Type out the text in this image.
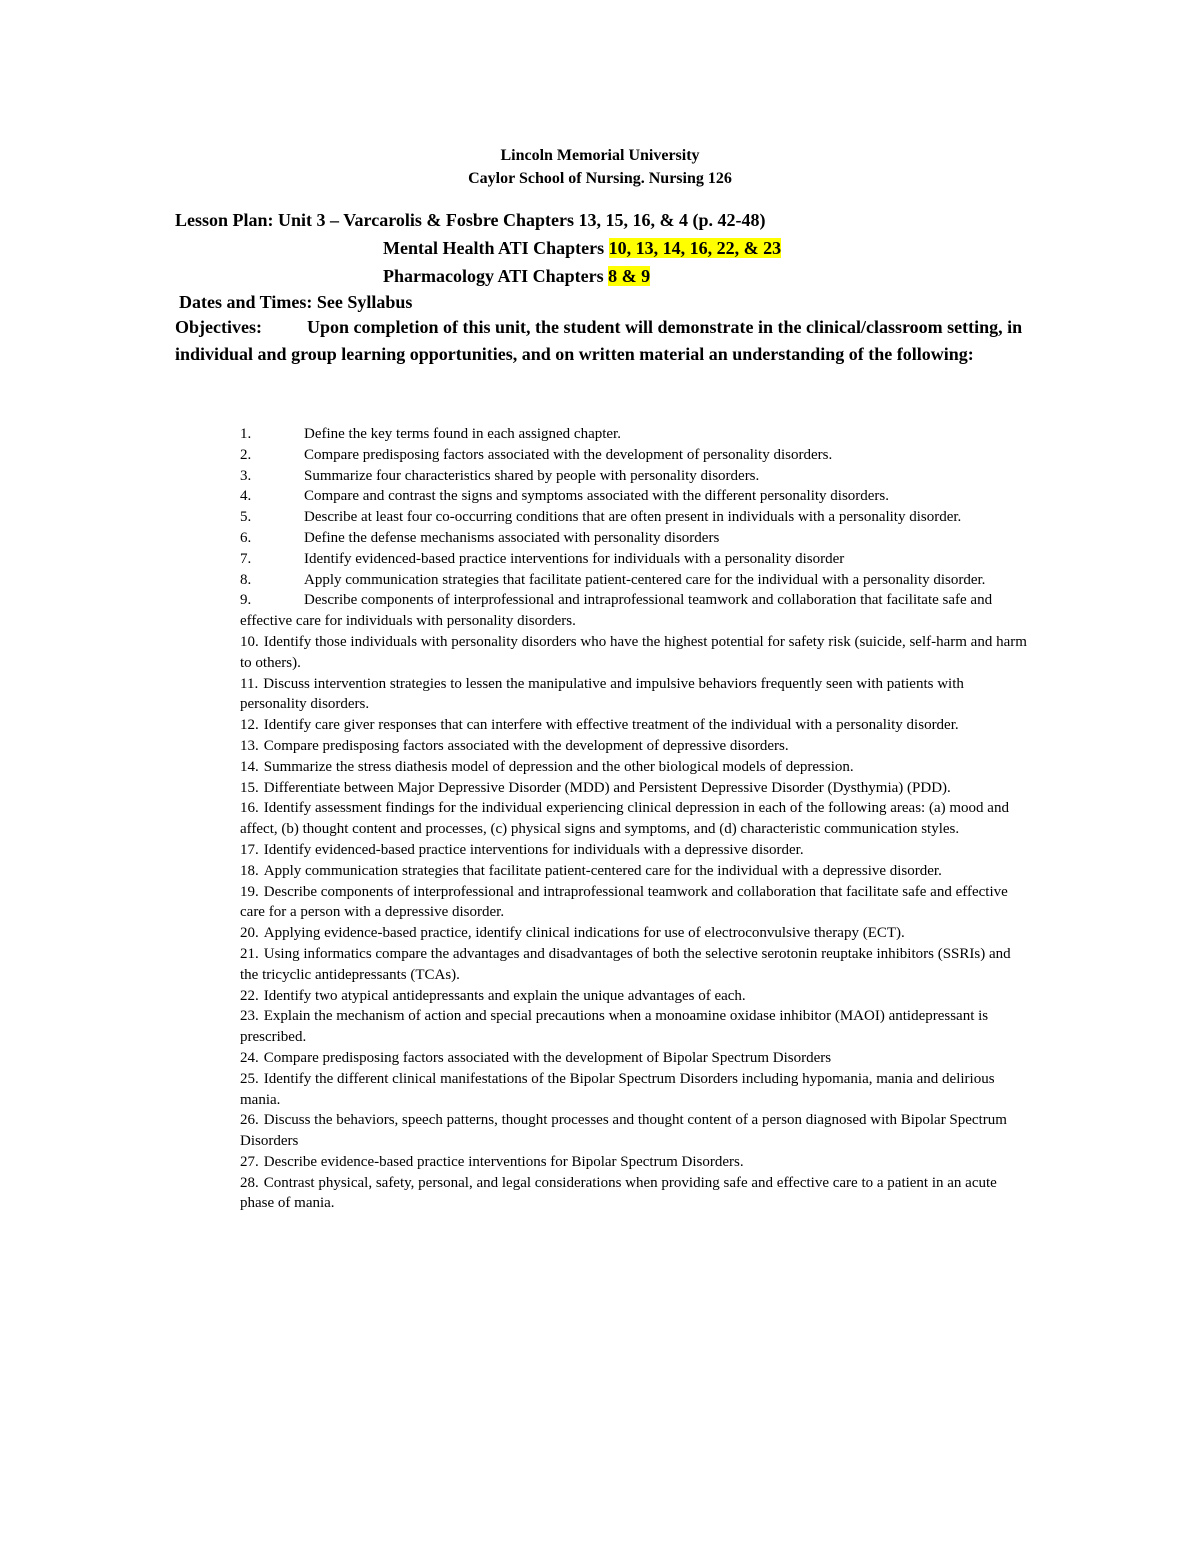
Lincoln Memorial University
Caylor School of Nursing. Nursing 126
Lesson Plan: Unit 3 – Varcarolis & Fosbre Chapters 13, 15, 16, & 4 (p. 42-48)
Mental Health ATI Chapters 10, 13, 14, 16, 22, & 23
Pharmacology ATI Chapters 8 & 9
Dates and Times: See Syllabus
Objectives:	Upon completion of this unit, the student will demonstrate in the clinical/classroom setting, in individual and group learning opportunities, and on written material an understanding of the following:
1.	Define the key terms found in each assigned chapter.
2.	Compare predisposing factors associated with the development of personality disorders.
3.	Summarize four characteristics shared by people with personality disorders.
4.	Compare and contrast the signs and symptoms associated with the different personality disorders.
5.	Describe at least four co-occurring conditions that are often present in individuals with a personality disorder.
6.	Define the defense mechanisms associated with personality disorders
7.	Identify evidenced-based practice interventions for individuals with a personality disorder
8.	Apply communication strategies that facilitate patient-centered care for the individual with a personality disorder.
9.	Describe components of interprofessional and intraprofessional teamwork and collaboration that facilitate safe and effective care for individuals with personality disorders.
10. Identify those individuals with personality disorders who have the highest potential for safety risk (suicide, self-harm and harm to others).
11. Discuss intervention strategies to lessen the manipulative and impulsive behaviors frequently seen with patients with personality disorders.
12. Identify care giver responses that can interfere with effective treatment of the individual with a personality disorder.
13. Compare predisposing factors associated with the development of depressive disorders.
14. Summarize the stress diathesis model of depression and the other biological models of depression.
15. Differentiate between Major Depressive Disorder (MDD) and Persistent Depressive Disorder (Dysthymia) (PDD).
16. Identify assessment findings for the individual experiencing clinical depression in each of the following areas: (a) mood and affect, (b) thought content and processes, (c) physical signs and symptoms, and (d) characteristic communication styles.
17. Identify evidenced-based practice interventions for individuals with a depressive disorder.
18. Apply communication strategies that facilitate patient-centered care for the individual with a depressive disorder.
19. Describe components of interprofessional and intraprofessional teamwork and collaboration that facilitate safe and effective care for a person with a depressive disorder.
20. Applying evidence-based practice, identify clinical indications for use of electroconvulsive therapy (ECT).
21. Using informatics compare the advantages and disadvantages of both the selective serotonin reuptake inhibitors (SSRIs) and the tricyclic antidepressants (TCAs).
22. Identify two atypical antidepressants and explain the unique advantages of each.
23. Explain the mechanism of action and special precautions when a monoamine oxidase inhibitor (MAOI) antidepressant is prescribed.
24. Compare predisposing factors associated with the development of Bipolar Spectrum Disorders
25. Identify the different clinical manifestations of the Bipolar Spectrum Disorders including hypomania, mania and delirious mania.
26. Discuss the behaviors, speech patterns, thought processes and thought content of a person diagnosed with Bipolar Spectrum Disorders
27. Describe evidence-based practice interventions for Bipolar Spectrum Disorders.
28. Contrast physical, safety, personal, and legal considerations when providing safe and effective care to a patient in an acute phase of mania.
